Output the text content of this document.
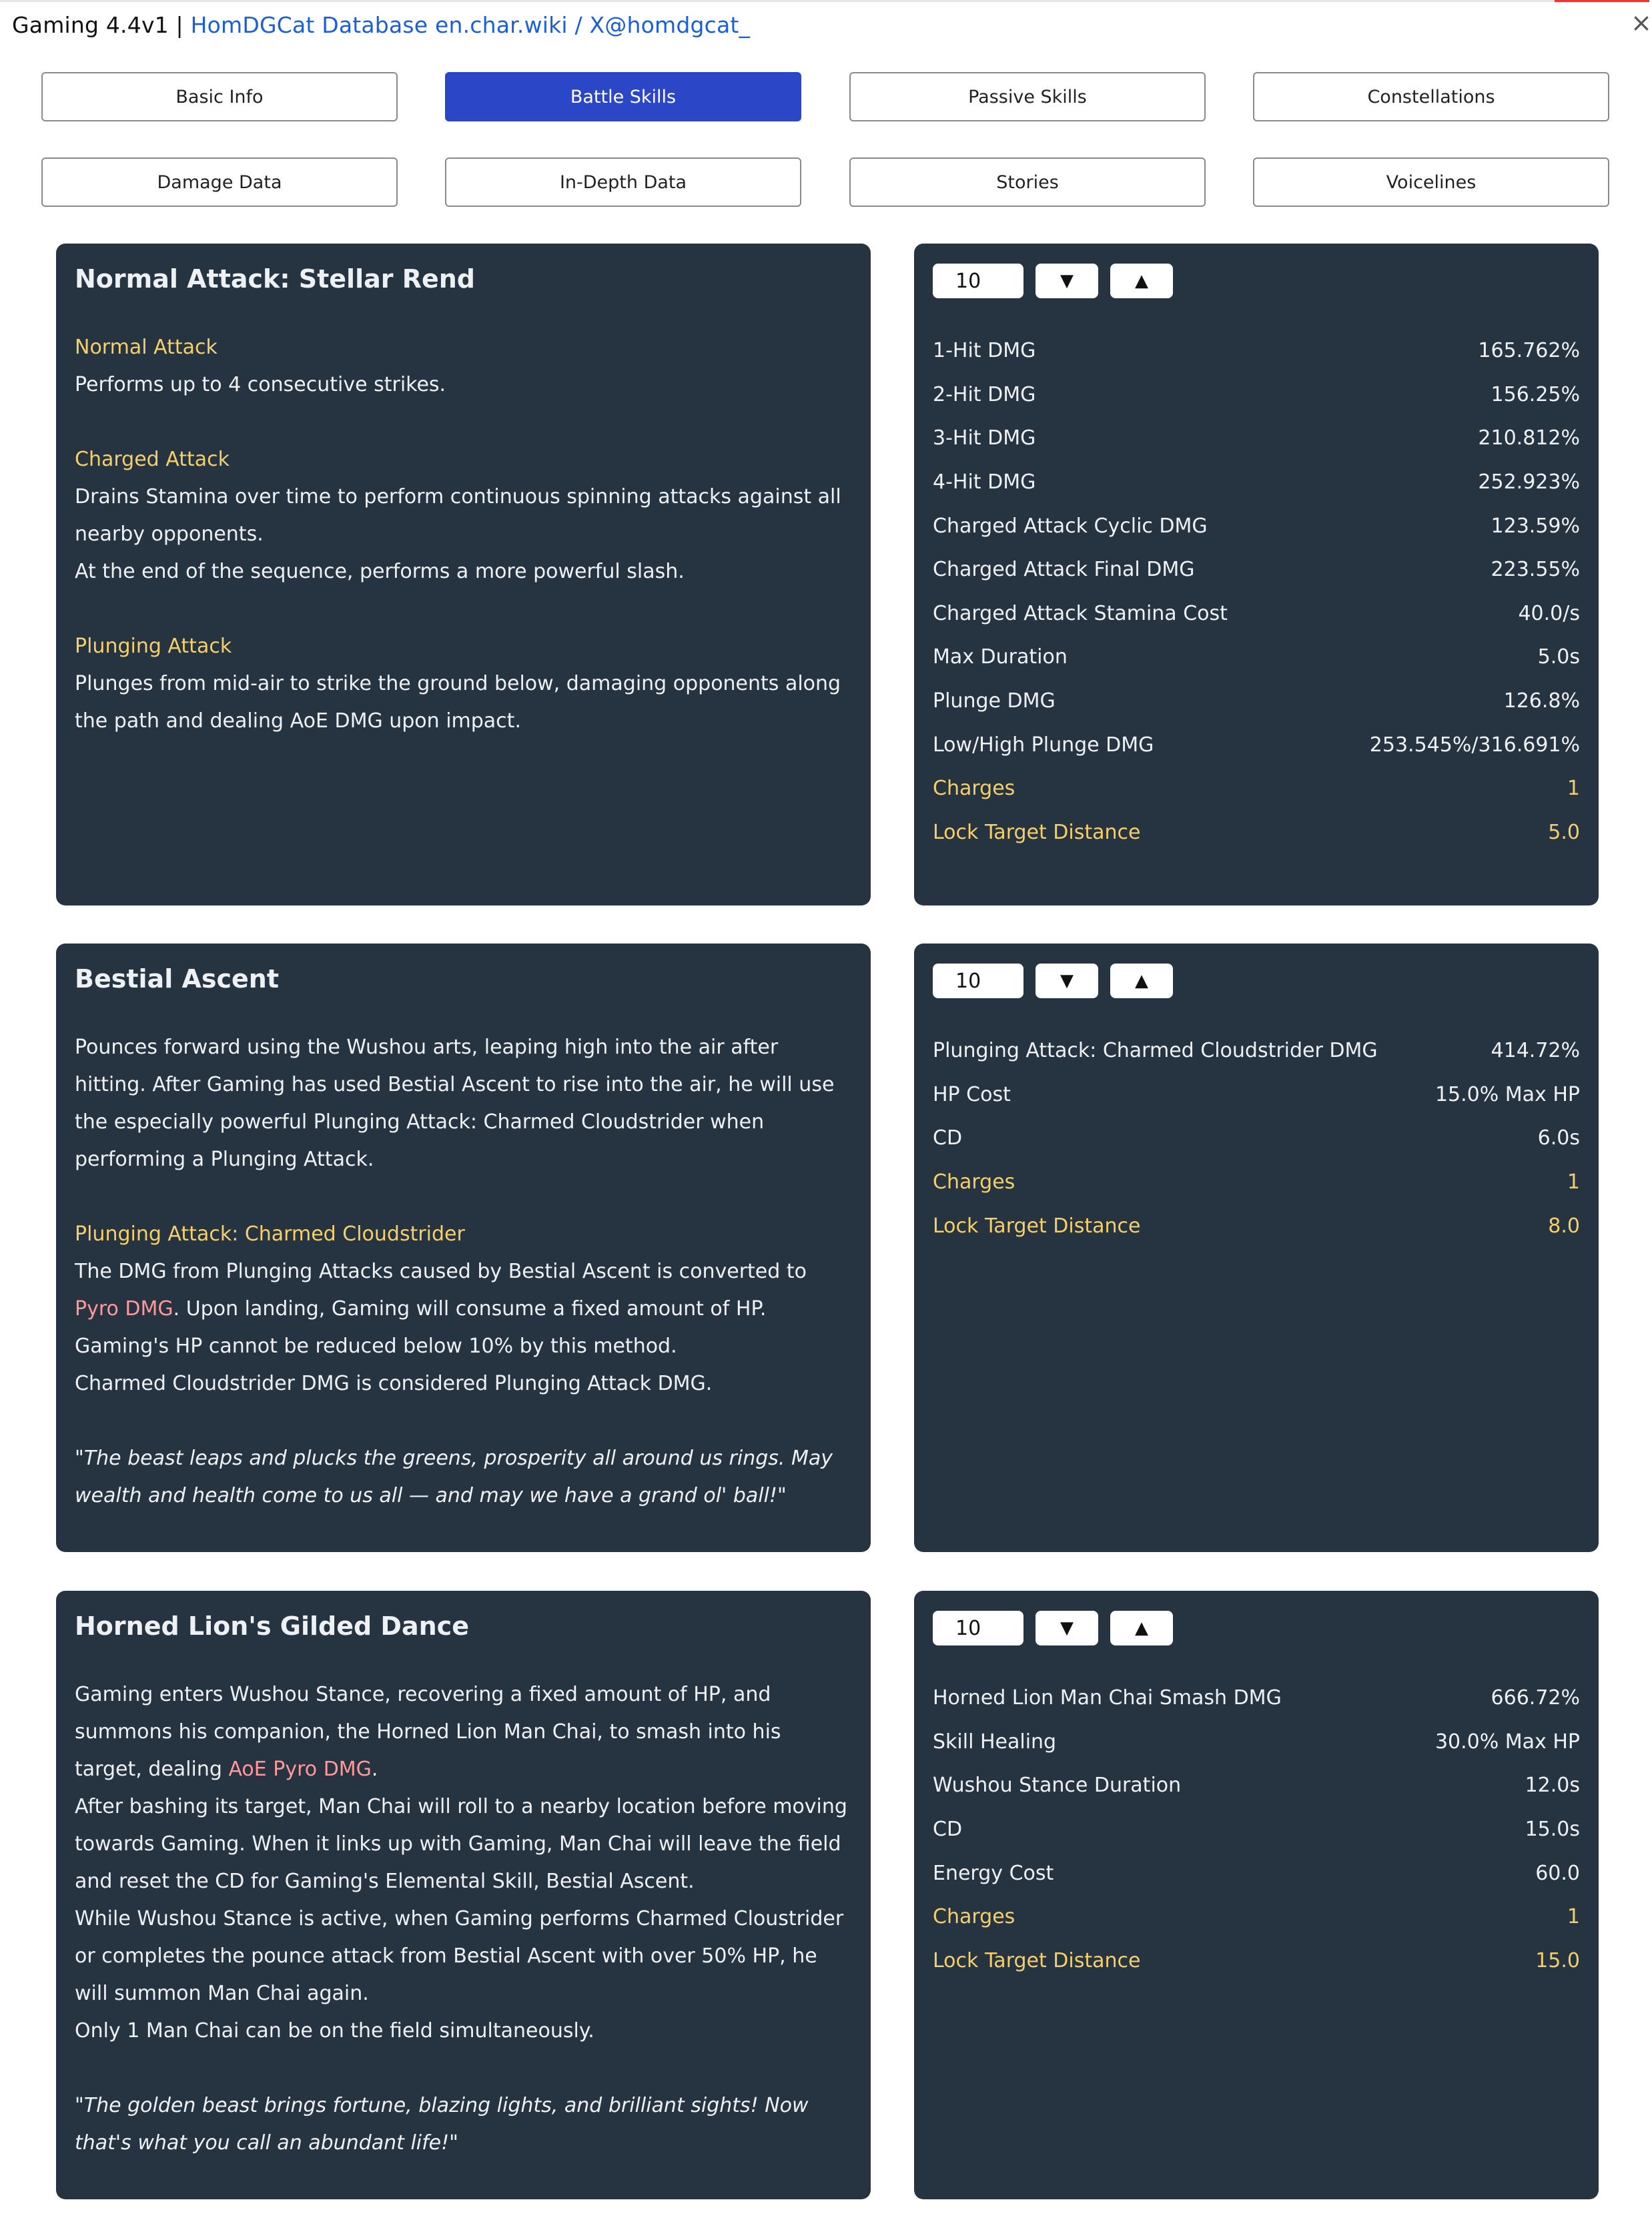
Gaming 4.4v1 | HomDGCat Database en.char.wiki / X@homdgcat_	×
Basic Info	Battle Skills	Passive Skills	Constellations
Damage Data	In-Depth Data	Stories	Voicelines
Normal Attack: Stellar Rend

Normal Attack
Performs up to 4 consecutive strikes.

Charged Attack
Drains Stamina over time to perform continuous spinning attacks against all nearby opponents.
At the end of the sequence, performs a more powerful slash.

Plunging Attack
Plunges from mid-air to strike the ground below, damaging opponents along the path and dealing AoE DMG upon impact.

10	▼	▲
1-Hit DMG	165.762%
2-Hit DMG	156.25%
3-Hit DMG	210.812%
4-Hit DMG	252.923%
Charged Attack Cyclic DMG	123.59%
Charged Attack Final DMG	223.55%
Charged Attack Stamina Cost	40.0/s
Max Duration	5.0s
Plunge DMG	126.8%
Low/High Plunge DMG	253.545%/316.691%
Charges	1
Lock Target Distance	5.0
Bestial Ascent

Pounces forward using the Wushou arts, leaping high into the air after hitting. After Gaming has used Bestial Ascent to rise into the air, he will use the especially powerful Plunging Attack: Charmed Cloudstrider when performing a Plunging Attack.

Plunging Attack: Charmed Cloudstrider
The DMG from Plunging Attacks caused by Bestial Ascent is converted to Pyro DMG. Upon landing, Gaming will consume a fixed amount of HP. Gaming's HP cannot be reduced below 10% by this method.
Charmed Cloudstrider DMG is considered Plunging Attack DMG.

"The beast leaps and plucks the greens, prosperity all around us rings. May wealth and health come to us all — and may we have a grand ol' ball!"

10	▼	▲
Plunging Attack: Charmed Cloudstrider DMG	414.72%
HP Cost	15.0% Max HP
CD	6.0s
Charges	1
Lock Target Distance	8.0
Horned Lion's Gilded Dance

Gaming enters Wushou Stance, recovering a fixed amount of HP, and summons his companion, the Horned Lion Man Chai, to smash into his target, dealing AoE Pyro DMG.
After bashing its target, Man Chai will roll to a nearby location before moving towards Gaming. When it links up with Gaming, Man Chai will leave the field and reset the CD for Gaming's Elemental Skill, Bestial Ascent.
While Wushou Stance is active, when Gaming performs Charmed Cloustrider or completes the pounce attack from Bestial Ascent with over 50% HP, he will summon Man Chai again.
Only 1 Man Chai can be on the field simultaneously.

"The golden beast brings fortune, blazing lights, and brilliant sights! Now that's what you call an abundant life!"

10	▼	▲
Horned Lion Man Chai Smash DMG	666.72%
Skill Healing	30.0% Max HP
Wushou Stance Duration	12.0s
CD	15.0s
Energy Cost	60.0
Charges	1
Lock Target Distance	15.0
